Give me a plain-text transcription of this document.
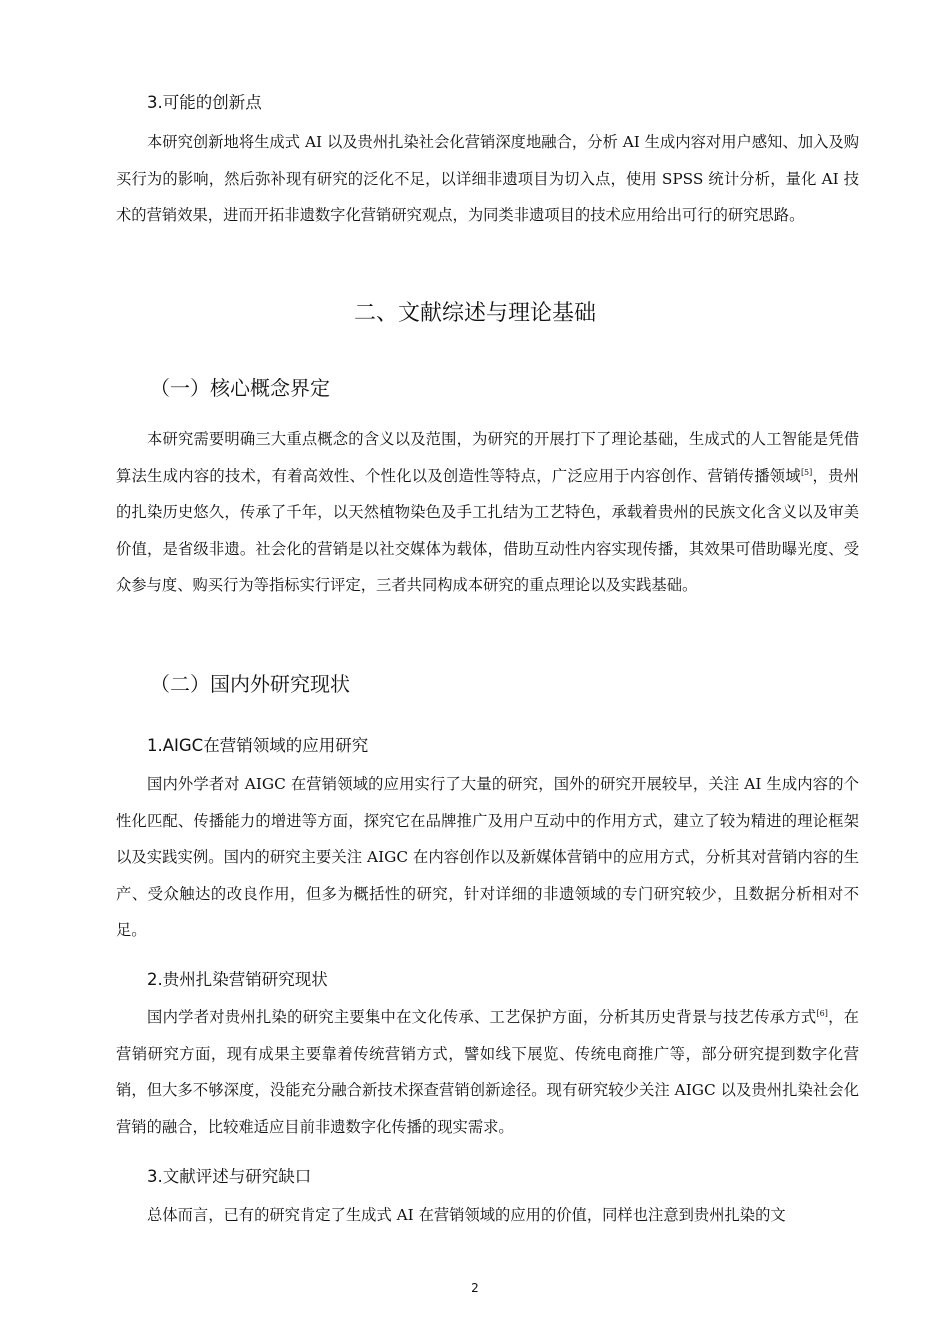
3.可能的创新点

本研究创新地将生成式 AI 以及贵州扎染社会化营销深度地融合，分析 AI 生成内容对用户感知、加入及购买行为的影响，然后弥补现有研究的泛化不足，以详细非遗项目为切入点，使用 SPSS 统计分析，量化 AI 技术的营销效果，进而开拓非遗数字化营销研究观点，为同类非遗项目的技术应用给出可行的研究思路。

二、文献综述与理论基础
（一）核心概念界定

本研究需要明确三大重点概念的含义以及范围，为研究的开展打下了理论基础，生成式的人工智能是凭借算法生成内容的技术，有着高效性、个性化以及创造性等特点，广泛应用于内容创作、营销传播领域[5]，贵州的扎染历史悠久，传承了千年，以天然植物染色及手工扎结为工艺特色，承载着贵州的民族文化含义以及审美价值，是省级非遗。社会化的营销是以社交媒体为载体，借助互动性内容实现传播，其效果可借助曝光度、受众参与度、购买行为等指标实行评定，三者共同构成本研究的重点理论以及实践基础。

（二）国内外研究现状
1.AIGC在营销领域的应用研究

国内外学者对 AIGC 在营销领域的应用实行了大量的研究，国外的研究开展较早，关注 AI 生成内容的个性化匹配、传播能力的增进等方面，探究它在品牌推广及用户互动中的作用方式，建立了较为精进的理论框架以及实践实例。国内的研究主要关注 AIGC 在内容创作以及新媒体营销中的应用方式，分析其对营销内容的生产、受众触达的改良作用，但多为概括性的研究，针对详细的非遗领域的专门研究较少，且数据分析相对不足。

2.贵州扎染营销研究现状

国内学者对贵州扎染的研究主要集中在文化传承、工艺保护方面，分析其历史背景与技艺传承方式[6]，在营销研究方面，现有成果主要靠着传统营销方式，譬如线下展览、传统电商推广等，部分研究提到数字化营销，但大多不够深度，没能充分融合新技术探查营销创新途径。现有研究较少关注 AIGC 以及贵州扎染社会化营销的融合，比较难适应目前非遗数字化传播的现实需求。

3.文献评述与研究缺口

总体而言，已有的研究肯定了生成式 AI 在营销领域的应用的价值，同样也注意到贵州扎染的文

2
